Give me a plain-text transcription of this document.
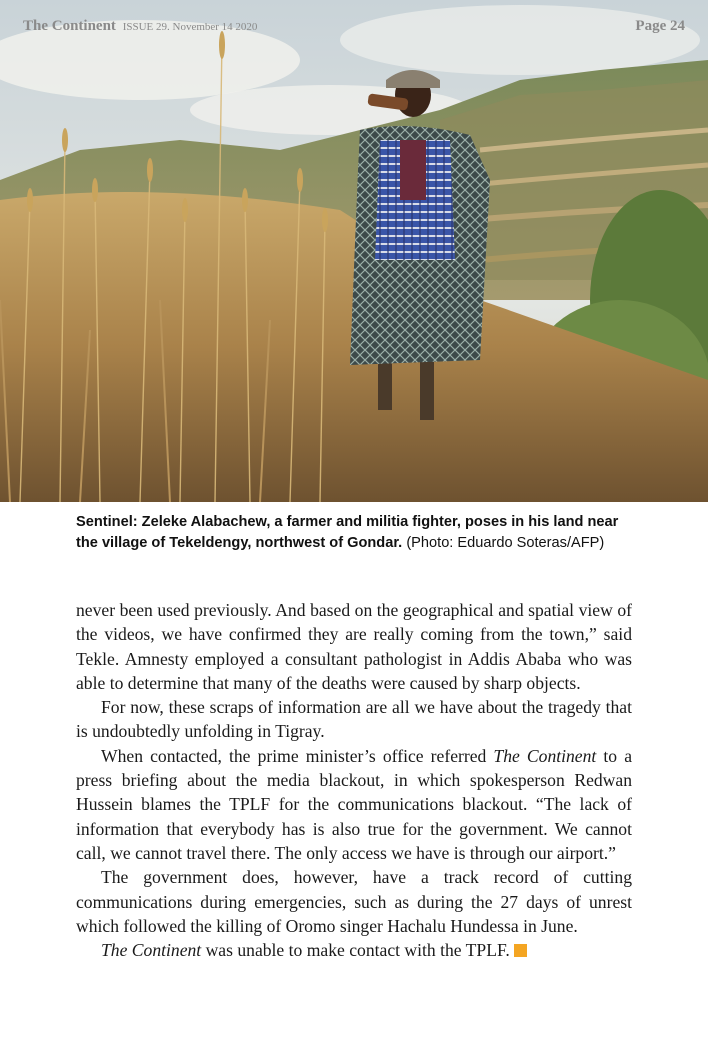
The Continent ISSUE 29. November 14 2020	Page 24
Sentinel: Zeleke Alabachew, a farmer and militia fighter, poses in his land near the village of Tekeldengy, northwest of Gondar. (Photo: Eduardo Soteras/AFP)

never been used previously. And based on the geographical and spatial view of the videos, we have confirmed they are really coming from the town,” said Tekle. Amnesty employed a consultant pathologist in Addis Ababa who was able to determine that many of the deaths were caused by sharp objects.

For now, these scraps of information are all we have about the tragedy that is undoubtedly unfolding in Tigray.

When contacted, the prime minister’s office referred The Continent to a press briefing about the media blackout, in which spokesperson Redwan Hussein blames the TPLF for the communications blackout. “The lack of information that everybody has is also true for the government. We cannot call, we cannot travel there. The only access we have is through our airport.”

The government does, however, have a track record of cutting communications during emergencies, such as during the 27 days of unrest which followed the killing of Oromo singer Hachalu Hundessa in June.

The Continent was unable to make contact with the TPLF.
